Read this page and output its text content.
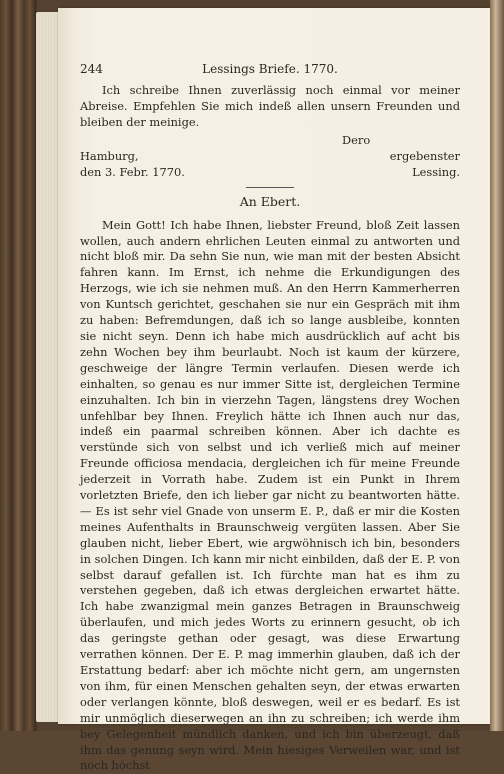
244	Lessings Briefe. 1770.

Ich schreibe Ihnen zuverlässig noch einmal vor meiner Abreise. Empfehlen Sie mich indeß allen unsern Freunden und bleiben der meinige.

Dero
Hamburg,	ergebenster
den 3. Febr. 1770.	Lessing.
An Ebert.

Mein Gott! Ich habe Ihnen, liebster Freund, bloß Zeit lassen wollen, auch andern ehrlichen Leuten einmal zu antworten und nicht bloß mir. Da sehn Sie nun, wie man mit der besten Absicht fahren kann. Im Ernst, ich nehme die Erkundigungen des Herzogs, wie ich sie nehmen muß. An den Herrn Kammerherren von Kuntsch gerichtet, geschahen sie nur ein Gespräch mit ihm zu haben: Befremdungen, daß ich so lange ausbleibe, konnten sie nicht seyn. Denn ich habe mich ausdrücklich auf acht bis zehn Wochen bey ihm beurlaubt. Noch ist kaum der kürzere, geschweige der längre Termin verlaufen. Diesen werde ich einhalten, so genau es nur immer Sitte ist, dergleichen Termine einzuhalten. Ich bin in vierzehn Tagen, längstens drey Wochen unfehlbar bey Ihnen. Freylich hätte ich Ihnen auch nur das, indeß ein paarmal schreiben können. Aber ich dachte es verstünde sich von selbst und ich verließ mich auf meiner Freunde officiosa mendacia, dergleichen ich für meine Freunde jederzeit in Vorrath habe. Zudem ist ein Punkt in Ihrem vorletzten Briefe, den ich lieber gar nicht zu beantworten hätte. — Es ist sehr viel Gnade von unserm E. P., daß er mir die Kosten meines Aufenthalts in Braunschweig vergüten lassen. Aber Sie glauben nicht, lieber Ebert, wie argwöhnisch ich bin, besonders in solchen Dingen. Ich kann mir nicht einbilden, daß der E. P. von selbst darauf gefallen ist. Ich fürchte man hat es ihm zu verstehen gegeben, daß ich etwas dergleichen erwartet hätte. Ich habe zwanzigmal mein ganzes Betragen in Braunschweig überlaufen, und mich jedes Worts zu erinnern gesucht, ob ich das geringste gethan oder gesagt, was diese Erwartung verrathen können. Der E. P. mag immerhin glauben, daß ich der Erstattung bedarf: aber ich möchte nicht gern, am ungernsten von ihm, für einen Menschen gehalten seyn, der etwas erwarten oder verlangen könnte, bloß deswegen, weil er es bedarf. Es ist mir unmöglich dieserwegen an ihn zu schreiben; ich werde ihm bey Gelegenheit mündlich danken, und ich bin überzeugt, daß ihm das genung seyn wird. Mein hiesiges Verweilen war, und ist noch höchst
